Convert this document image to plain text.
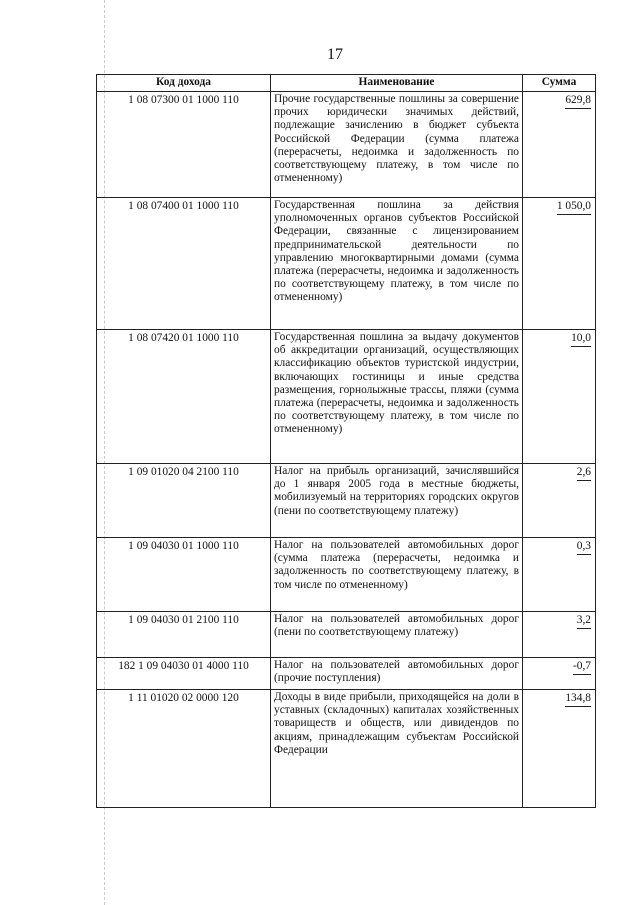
17
Код дохода	Наименование	Сумма
1 08 07300 01 1000 110	Прочие государственные пошлины за совершение прочих юридически значимых действий, подлежащие зачислению в бюджет субъекта Российской Федерации (сумма платежа (перерасчеты, недоимка и задолженность по соответствующему платежу, в том числе по отмененному)	629,8
1 08 07400 01 1000 110	Государственная пошлина за действия уполномоченных органов субъектов Российской Федерации, связанные с лицензированием предпринимательской деятельности по управлению многоквартирными домами (сумма платежа (перерасчеты, недоимка и задолженность по соответствующему платежу, в том числе по отмененному)	1 050,0
1 08 07420 01 1000 110	Государственная пошлина за выдачу документов об аккредитации организаций, осуществляющих классификацию объектов туристской индустрии, включающих гостиницы и иные средства размещения, горнолыжные трассы, пляжи (сумма платежа (перерасчеты, недоимка и задолженность по соответствующему платежу, в том числе по отмененному)	10,0
1 09 01020 04 2100 110	Налог на прибыль организаций, зачислявшийся до 1 января 2005 года в местные бюджеты, мобилизуемый на территориях городских округов (пени по соответствующему платежу)	2,6
1 09 04030 01 1000 110	Налог на пользователей автомобильных дорог (сумма платежа (перерасчеты, недоимка и задолженность по соответствующему платежу, в том числе по отмененному)	0,3
1 09 04030 01 2100 110	Налог на пользователей автомобильных дорог (пени по соответствующему платежу)	3,2
182 1 09 04030 01 4000 110	Налог на пользователей автомобильных дорог (прочие поступления)	-0,7
1 11 01020 02 0000 120	Доходы в виде прибыли, приходящейся на доли в уставных (складочных) капиталах хозяйственных товариществ и обществ, или дивидендов по акциям, принадлежащим субъектам Российской Федерации	134,8
